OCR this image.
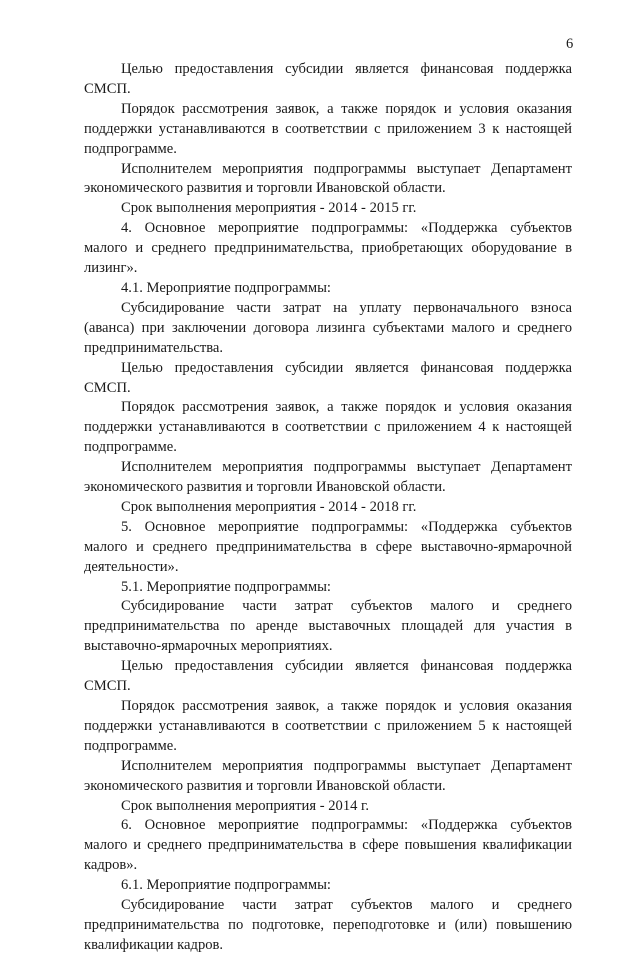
6

Целью предоставления субсидии является финансовая поддержка СМСП.

Порядок рассмотрения заявок, а также порядок и условия оказания поддержки устанавливаются в соответствии с приложением 3 к настоящей подпрограмме.

Исполнителем мероприятия подпрограммы выступает Департамент экономического развития и торговли Ивановской области.

Срок выполнения мероприятия - 2014 - 2015 гг.

4. Основное мероприятие подпрограммы: «Поддержка субъектов малого и среднего предпринимательства, приобретающих оборудование в лизинг».

4.1. Мероприятие подпрограммы:

Субсидирование части затрат на уплату первоначального взноса (аванса) при заключении договора лизинга субъектами малого и среднего предпринимательства.

Целью предоставления субсидии является финансовая поддержка СМСП.

Порядок рассмотрения заявок, а также порядок и условия оказания поддержки устанавливаются в соответствии с приложением 4 к настоящей подпрограмме.

Исполнителем мероприятия подпрограммы выступает Департамент экономического развития и торговли Ивановской области.

Срок выполнения мероприятия - 2014 - 2018 гг.

5. Основное мероприятие подпрограммы: «Поддержка субъектов малого и среднего предпринимательства в сфере выставочно-ярмарочной деятельности».

5.1. Мероприятие подпрограммы:

Субсидирование части затрат субъектов малого и среднего предпринимательства по аренде выставочных площадей для участия в выставочно-ярмарочных мероприятиях.

Целью предоставления субсидии является финансовая поддержка СМСП.

Порядок рассмотрения заявок, а также порядок и условия оказания поддержки устанавливаются в соответствии с приложением 5 к настоящей подпрограмме.

Исполнителем мероприятия подпрограммы выступает Департамент экономического развития и торговли Ивановской области.

Срок выполнения мероприятия - 2014 г.

6. Основное мероприятие подпрограммы: «Поддержка субъектов малого и среднего предпринимательства в сфере повышения квалификации кадров».

6.1. Мероприятие подпрограммы:

Субсидирование части затрат субъектов малого и среднего предпринимательства по подготовке, переподготовке и (или) повышению квалификации кадров.
